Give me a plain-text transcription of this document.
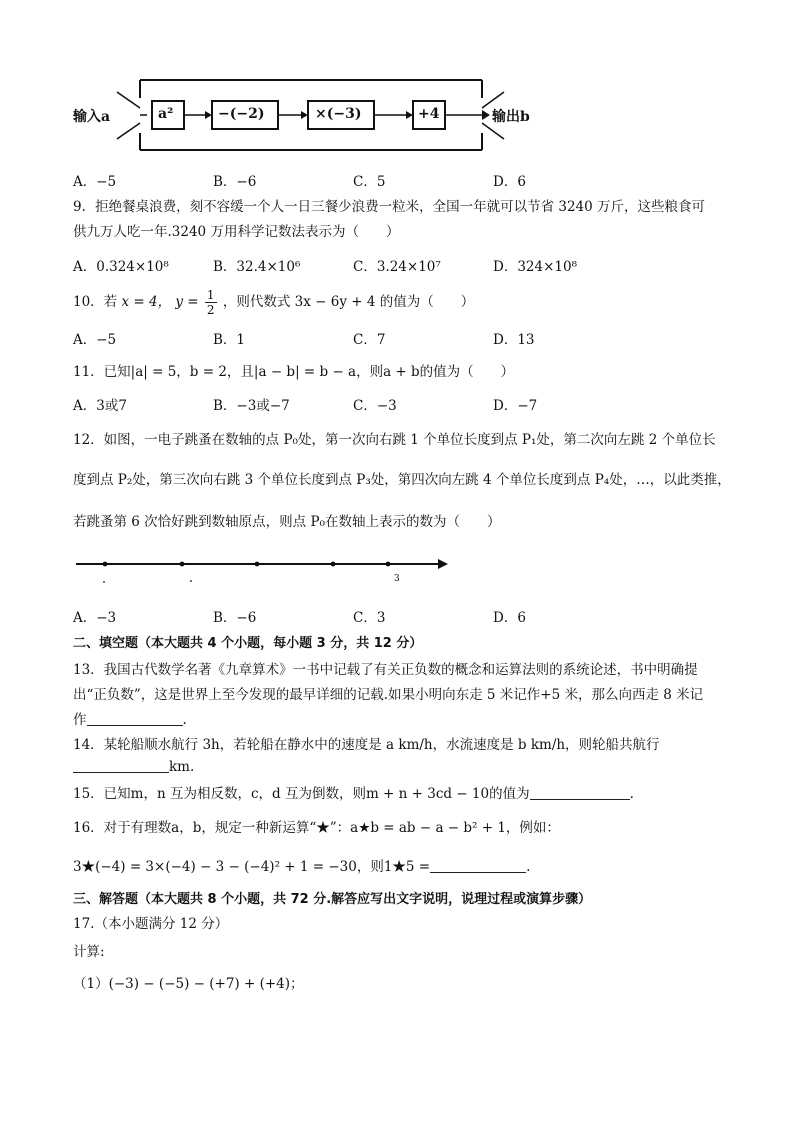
输入a	a²	−(−2)	×(−3)	+4	输出b
A．−5	B．−6	C．5	D．6
9．拒绝餐桌浪费，刻不容缓一个人一日三餐少浪费一粒米，全国一年就可以节省 3240 万斤，这些粮食可
供九万人吃一年.3240 万用科学记数法表示为（　　）
A．0.324×10⁸	B．32.4×10⁶	C．3.24×10⁷	D．324×10⁸
10．若 x = 4， $y = \frac{1}{2}$ ，则代数式 3x − 6y + 4 的值为（　　）
A．−5	B．1	C．7	D．13
11．已知|a| = 5，b = 2，且|a − b| = b − a，则a + b的值为（　　）
A．3或7	B．−3或−7	C．−3	D．−7
12．如图，一电子跳蚤在数轴的点 P₀处，第一次向右跳 1 个单位长度到点 P₁处，第二次向左跳 2 个单位长
度到点 P₂处，第三次向右跳 3 个单位长度到点 P₃处，第四次向左跳 4 个单位长度到点 P₄处，…，以此类推，
若跳蚤第 6 次恰好跳到数轴原点，则点 P₀在数轴上表示的数为（　　）
3
A．−3	B．−6	C．3	D．6
二、填空题（本大题共 4 个小题，每小题 3 分，共 12 分）
13．我国古代数学名著《九章算术》一书中记载了有关正负数的概念和运算法则的系统论述，书中明确提
出“正负数”，这是世界上至今发现的最早详细的记载.如果小明向东走 5 米记作+5 米，那么向西走 8 米记
作	.
14．某轮船顺水航行 3h，若轮船在静水中的速度是 a km/h，水流速度是 b km/h，则轮船共航行
km.
15．已知m，n 互为相反数，c，d 互为倒数，则m + n + 3cd − 10的值为	.
16．对于有理数a，b，规定一种新运算“★”：a★b = ab − a − b² + 1，例如：
3★(−4) = 3×(−4) − 3 − (−4)² + 1 = −30，则1★5 =	.
三、解答题（本大题共 8 个小题，共 72 分.解答应写出文字说明，说理过程或演算步骤）
17.（本小题满分 12 分）
计算:
（1）(−3) − (−5) − (+7) + (+4)；
